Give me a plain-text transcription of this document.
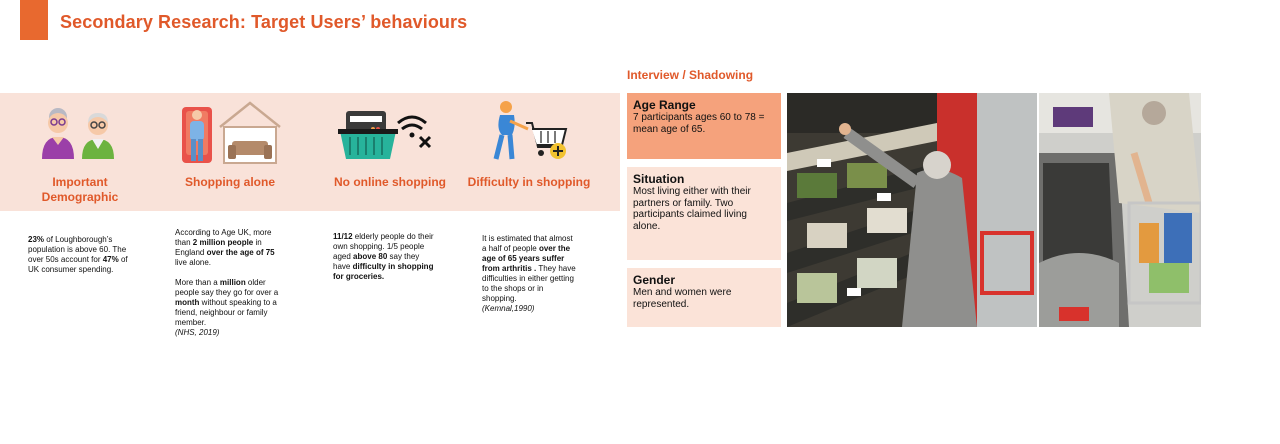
Secondary Research: Target Users’ behaviours
Important Demographic
Shopping alone	No online shopping	Difficulty in shopping
23% of Loughborough’s population is above 60. The over 50s account for 47% of UK consumer spending.
According to Age UK, more than 2 million people in England over the age of 75 live alone.

More than a million older people say they go for over a month without speaking to a friend, neighbour or family member.
(NHS, 2019)
11/12 elderly people do their own shopping. 1/5 people aged above 80 say they have difficulty in shopping for groceries.
It is estimated that almost a half of people over the age of 65 years suffer from arthritis . They have difficulties in either getting to the shops or in shopping.
(Kemnal,1990)
Interview / Shadowing
Age Range
7 participants ages 60 to 78 = mean age of 65.
Situation
Most living either with their partners or family. Two participants claimed living alone.
Gender
Men and women were represented.
